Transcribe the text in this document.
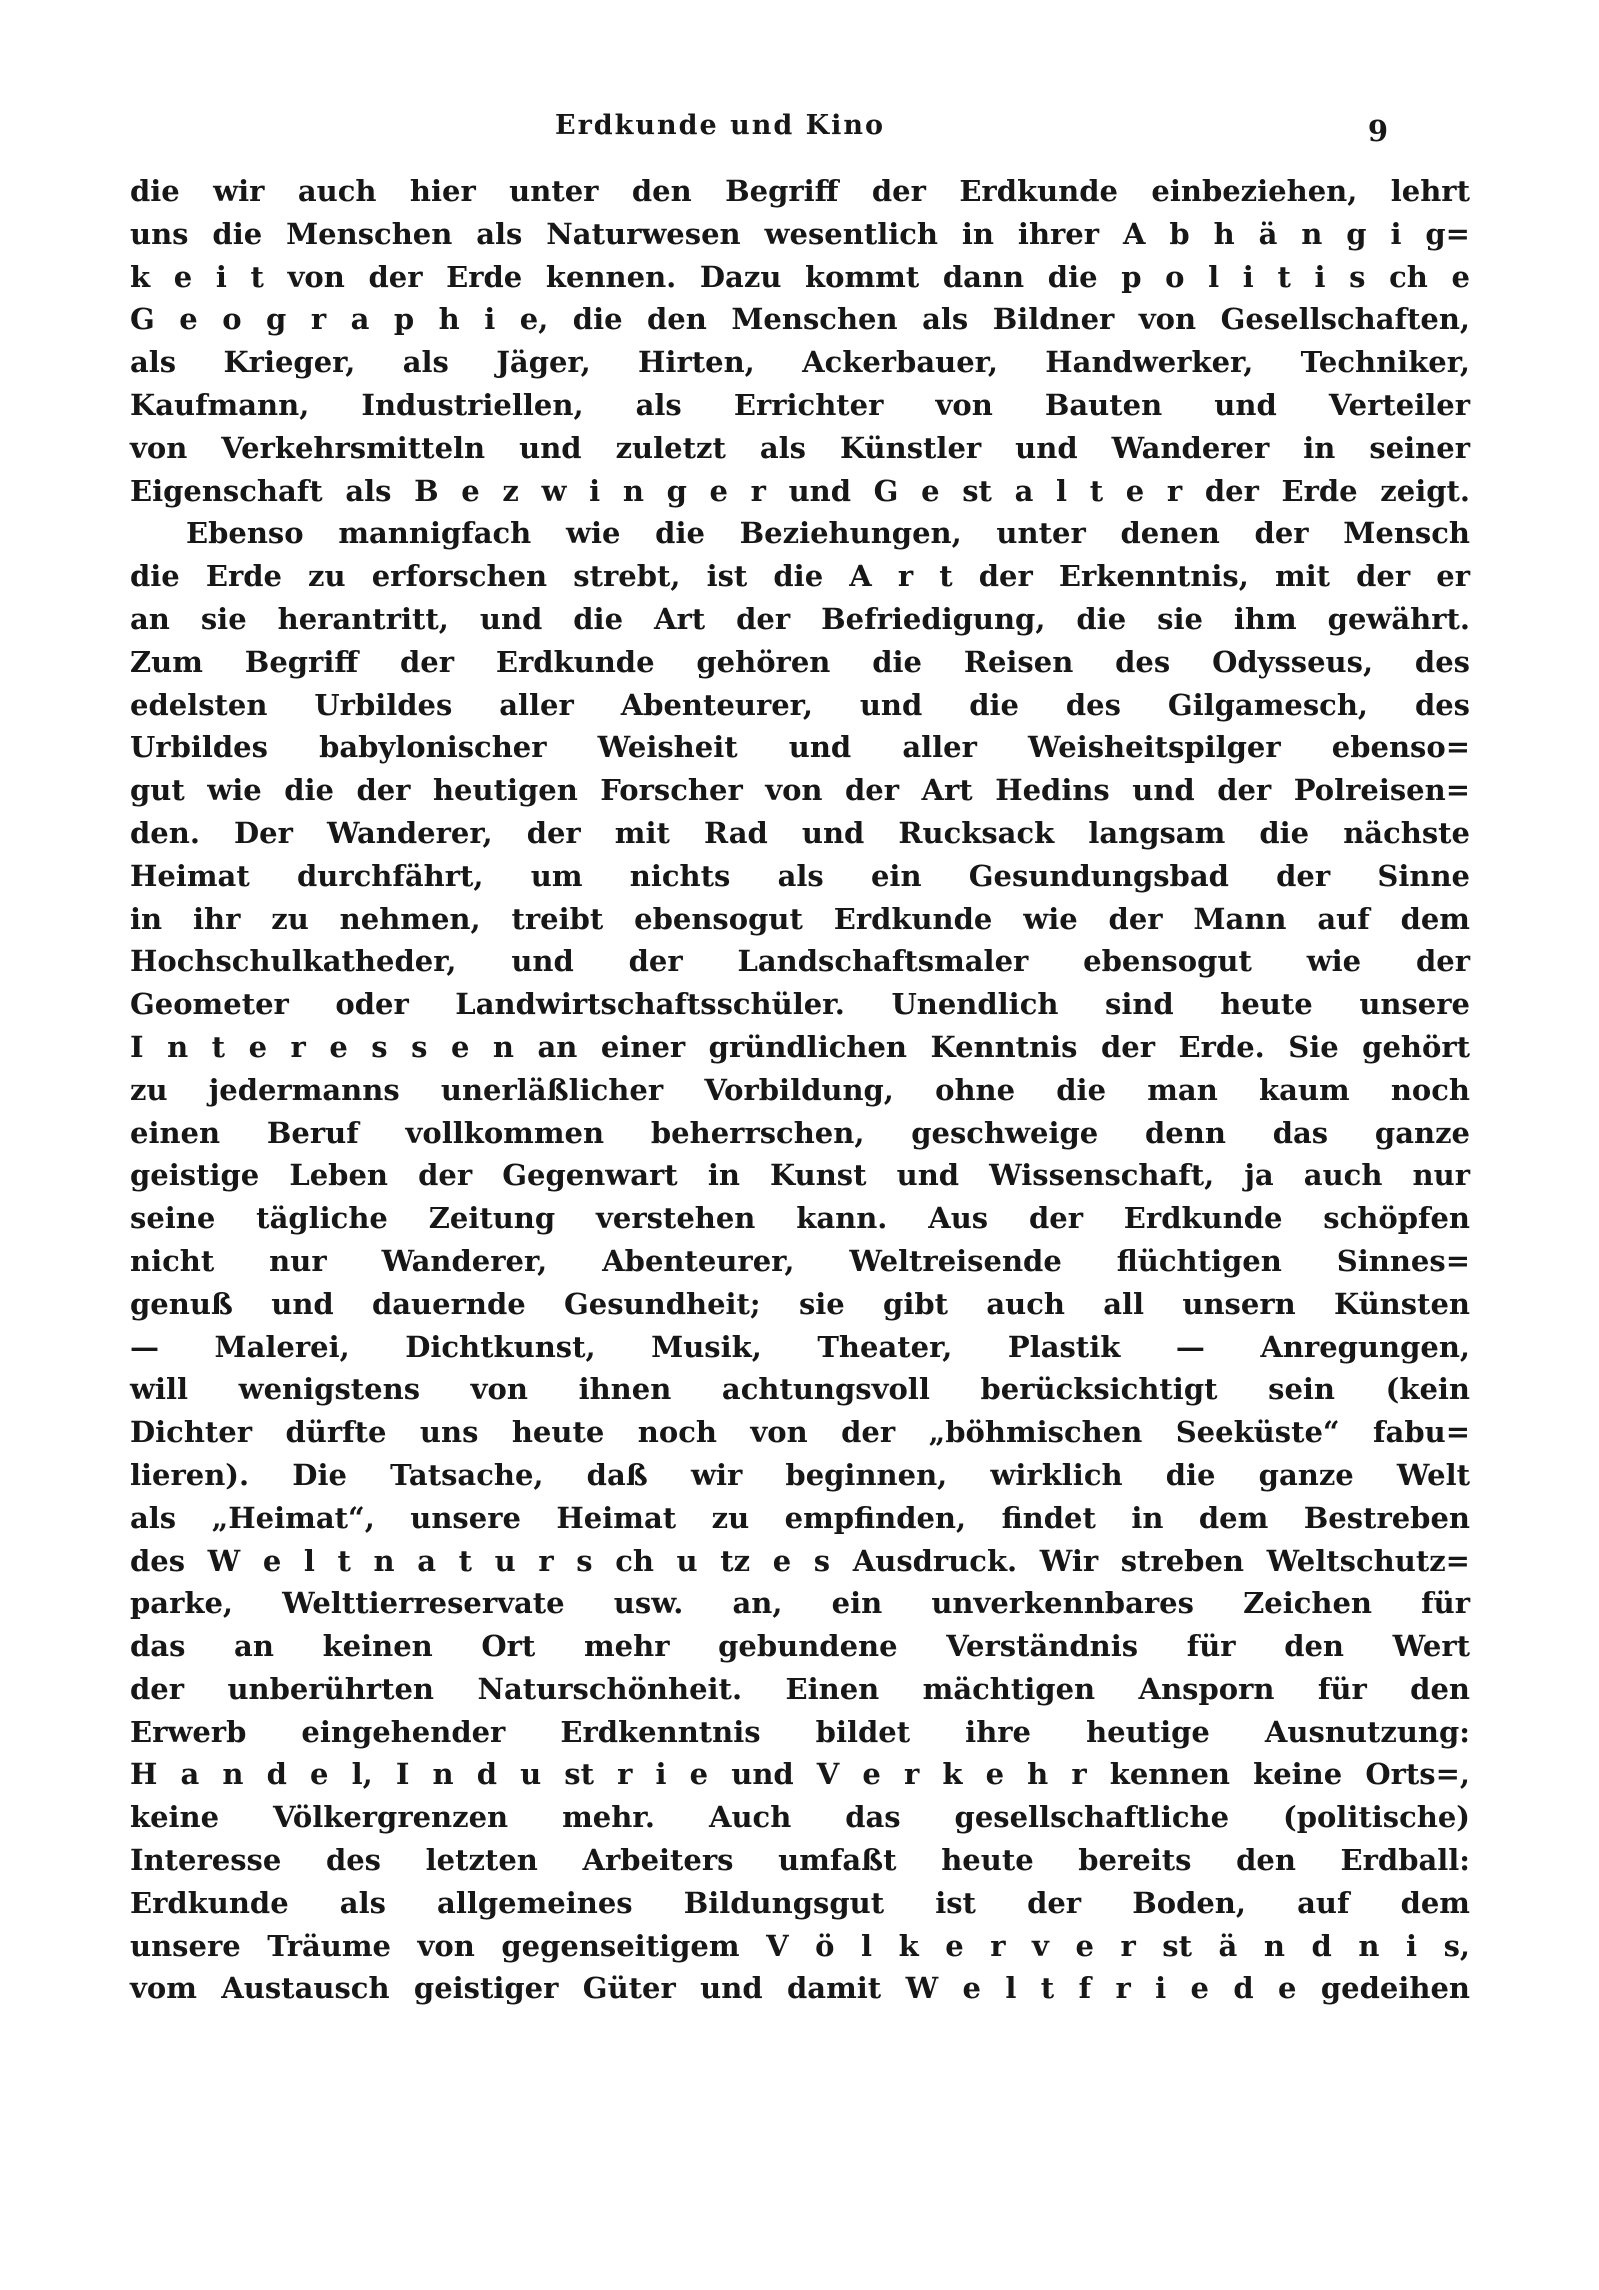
Erdkunde und Kino	9

die wir auch hier unter den Begriff der Erdkunde einbeziehen, lehrt

uns die Menschen als Naturwesen wesentlich in ihrer A b h ä n g i g=

k e i t von der Erde kennen. Dazu kommt dann die p o l i t i s ch e

G e o g r a p h i e, die den Menschen als Bildner von Gesellschaften,

als Krieger, als Jäger, Hirten, Ackerbauer, Handwerker, Techniker,

Kaufmann, Industriellen, als Errichter von Bauten und Verteiler

von Verkehrsmitteln und zuletzt als Künstler und Wanderer in seiner

Eigenschaft als B e z w i n g e r und G e st a l t e r der Erde zeigt.

Ebenso mannigfach wie die Beziehungen, unter denen der Mensch

die Erde zu erforschen strebt, ist die A r t der Erkenntnis, mit der er

an sie herantritt, und die Art der Befriedigung, die sie ihm gewährt.

Zum Begriff der Erdkunde gehören die Reisen des Odysseus, des

edelsten Urbildes aller Abenteurer, und die des Gilgamesch, des

Urbildes babylonischer Weisheit und aller Weisheitspilger ebenso=

gut wie die der heutigen Forscher von der Art Hedins und der Polreisen=

den. Der Wanderer, der mit Rad und Rucksack langsam die nächste

Heimat durchfährt, um nichts als ein Gesundungsbad der Sinne

in ihr zu nehmen, treibt ebensogut Erdkunde wie der Mann auf dem

Hochschulkatheder, und der Landschaftsmaler ebensogut wie der

Geometer oder Landwirtschaftsschüler. Unendlich sind heute unsere

I n t e r e s s e n an einer gründlichen Kenntnis der Erde. Sie gehört

zu jedermanns unerläßlicher Vorbildung, ohne die man kaum noch

einen Beruf vollkommen beherrschen, geschweige denn das ganze

geistige Leben der Gegenwart in Kunst und Wissenschaft, ja auch nur

seine tägliche Zeitung verstehen kann. Aus der Erdkunde schöpfen

nicht nur Wanderer, Abenteurer, Weltreisende flüchtigen Sinnes=

genuß und dauernde Gesundheit; sie gibt auch all unsern Künsten

— Malerei, Dichtkunst, Musik, Theater, Plastik — Anregungen,

will wenigstens von ihnen achtungsvoll berücksichtigt sein (kein

Dichter dürfte uns heute noch von der „böhmischen Seeküste“ fabu=

lieren). Die Tatsache, daß wir beginnen, wirklich die ganze Welt

als „Heimat“, unsere Heimat zu empfinden, findet in dem Bestreben

des W e l t n a t u r s ch u tz e s Ausdruck. Wir streben Weltschutz=

parke, Welttierreservate usw. an, ein unverkennbares Zeichen für

das an keinen Ort mehr gebundene Verständnis für den Wert

der unberührten Naturschönheit. Einen mächtigen Ansporn für den

Erwerb eingehender Erdkenntnis bildet ihre heutige Ausnutzung:

H a n d e l, I n d u st r i e und V e r k e h r kennen keine Orts=,

keine Völkergrenzen mehr. Auch das gesellschaftliche (politische)

Interesse des letzten Arbeiters umfaßt heute bereits den Erdball:

Erdkunde als allgemeines Bildungsgut ist der Boden, auf dem

unsere Träume von gegenseitigem V ö l k e r v e r st ä n d n i s,

vom Austausch geistiger Güter und damit W e l t f r i e d e gedeihen
